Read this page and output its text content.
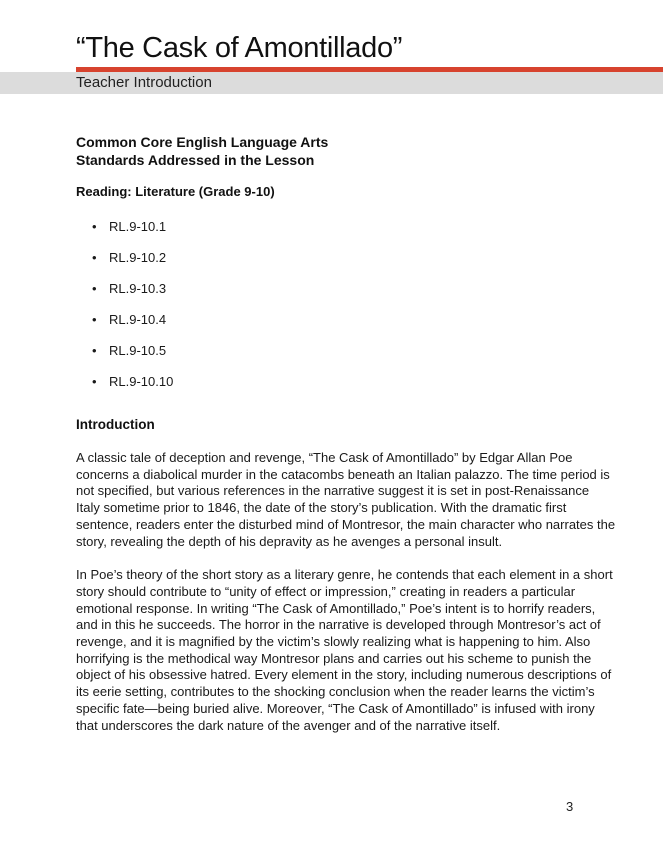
“The Cask of Amontillado”
Teacher Introduction

Common Core English Language Arts

Standards Addressed in the Lesson

Reading: Literature (Grade 9-10)

• RL.9-10.1
• RL.9-10.2
• RL.9-10.3
• RL.9-10.4
• RL.9-10.5
• RL.9-10.10

Introduction

A classic tale of deception and revenge, “The Cask of Amontillado” by Edgar Allan Poe concerns a diabolical murder in the catacombs beneath an Italian palazzo. The time period is not specified, but various references in the narrative suggest it is set in post-Renaissance Italy sometime prior to 1846, the date of the story’s publication. With the dramatic first sentence, readers enter the disturbed mind of Montresor, the main character who narrates the story, revealing the depth of his depravity as he avenges a personal insult.

In Poe’s theory of the short story as a literary genre, he contends that each element in a short story should contribute to “unity of effect or impression,” creating in readers a particular emotional response. In writing “The Cask of Amontillado,” Poe’s intent is to horrify readers, and in this he succeeds. The horror in the narrative is developed through Montresor’s act of revenge, and it is magnified by the victim’s slowly realizing what is happening to him. Also horrifying is the methodical way Montresor plans and carries out his scheme to punish the object of his obsessive hatred. Every element in the story, including numerous descriptions of its eerie setting, contributes to the shocking conclusion when the reader learns the victim’s specific fate—being buried alive. Moreover, “The Cask of Amontillado” is infused with irony that underscores the dark nature of the avenger and of the narrative itself.

3
